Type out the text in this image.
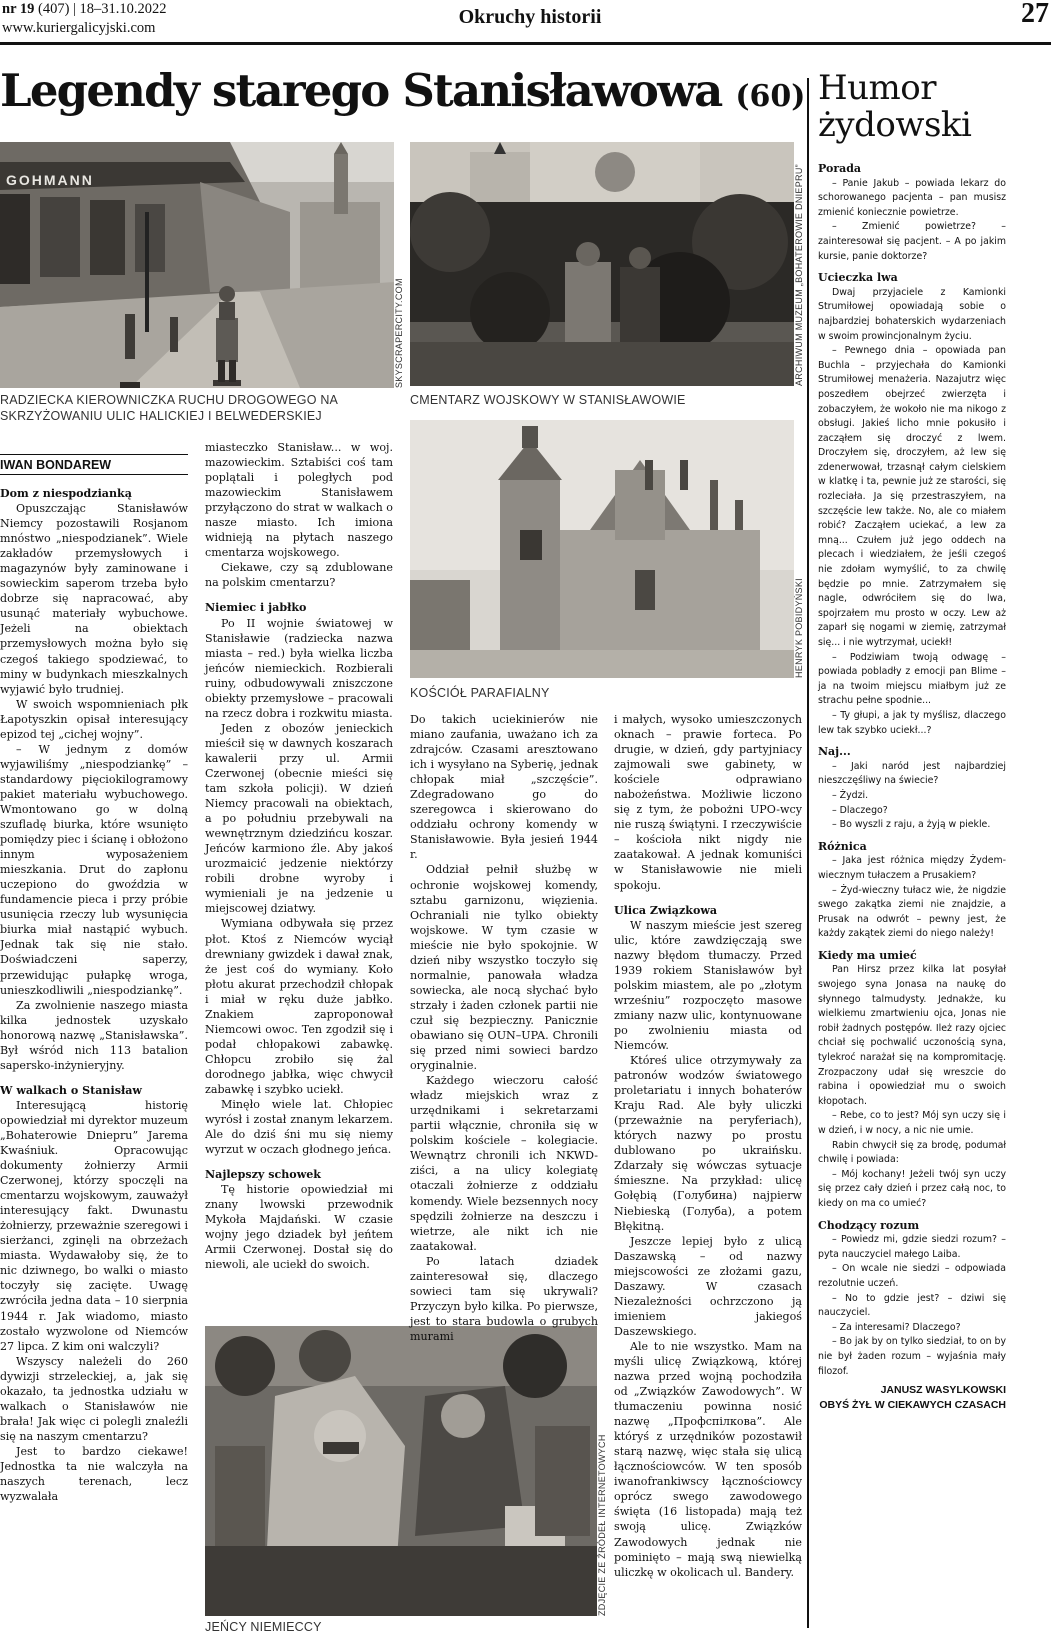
nr 19 (407) | 18–31.10.2022
www.kuriergalicyjski.com	Okruchy historii	27
Legendy starego Stanisławowa (60)
GOHMANN
SKYSCRAPERCITY.COM
RADZIECKA KIEROWNICZKA RUCHU DROGOWEGO NA SKRZYŻOWANIU ULIC HALICKIEJ I BELWEDERSKIEJ
ARCHIWUM MUZEUM „BOHATEROWIE DNIEPRU”
CMENTARZ WOJSKOWY W STANISŁAWOWIE
HENRYK POBIDYŃSKI
KOŚCIÓŁ PARAFIALNY
ZDJĘCIE ZE ŹRÓDEŁ INTERNETOWYCH
JEŃCY NIEMIECCY
IWAN BONDAREW

Dom z niespodzianką

Opuszczając Stanisławów Niemcy pozostawili Rosjanom mnóstwo „niespodzianek”. Wiele zakładów przemysłowych i magazynów były zaminowane i sowieckim saperom trzeba było dobrze się napracować, aby usunąć materiały wybuchowe. Jeżeli na obiektach przemysłowych można było się czegoś takiego spodziewać, to miny w budynkach mieszkalnych wyjawić było trudniej.

W swoich wspomnieniach płk Łapotyszkin opisał interesujący epizod tej „cichej wojny”.

– W jednym z domów wyjawiliśmy „niespodziankę” – standardowy pięciokilogramowy pakiet materiału wybuchowego. Wmontowano go w dolną szufladę biurka, które wsunięto pomiędzy piec i ścianę i obłożono innym wyposażeniem mieszkania. Drut do zapłonu uczepiono do gwoździa w fundamencie pieca i przy próbie usunięcia rzeczy lub wysunięcia biurka miał nastąpić wybuch. Jednak tak się nie stało. Doświadczeni saperzy, przewidując pułapkę wroga, unieszkodliwili „niespodziankę”.

Za zwolnienie naszego miasta kilka jednostek uzyskało honorową nazwę „Stanisławska”. Był wśród nich 113 batalion sapersko-inżynieryjny.

W walkach o Stanisław

Interesującą historię opowiedział mi dyrektor muzeum „Bohaterowie Dniepru” Jarema Kwaśniuk. Opracowując dokumenty żołnierzy Armii Czerwonej, którzy spoczęli na cmentarzu wojskowym, zauważył interesujący fakt. Dwunastu żołnierzy, przeważnie szeregowi i sierżanci, zginęli na obrzeżach miasta. Wydawałoby się, że to nic dziwnego, bo walki o miasto toczyły się zacięte. Uwagę zwróciła jedna data – 10 sierpnia 1944 r. Jak wiadomo, miasto zostało wyzwolone od Niemców 27 lipca. Z kim oni walczyli?

Wszyscy należeli do 260 dywizji strzeleckiej, a, jak się okazało, ta jednostka udziału w walkach o Stanisławów nie brała! Jak więc ci polegli znaleźli się na naszym cmentarzu?

Jest to bardzo ciekawe! Jednostka ta nie walczyła na naszych terenach, lecz wyzwalała

miasteczko Stanisław... w woj. mazowieckim. Sztabiści coś tam poplątali i poległych pod mazowieckim Stanisławem przyłączono do strat w walkach o nasze miasto. Ich imiona widnieją na płytach naszego cmentarza wojskowego.

Ciekawe, czy są zdublowane na polskim cmentarzu?

Niemiec i jabłko

Po II wojnie światowej w Stanisławie (radziecka nazwa miasta – red.) była wielka liczba jeńców niemieckich. Rozbierali ruiny, odbudowywali zniszczone obiekty przemysłowe – pracowali na rzecz dobra i rozkwitu miasta.

Jeden z obozów jenieckich mieścił się w dawnych koszarach kawalerii przy ul. Armii Czerwonej (obecnie mieści się tam szkoła policji). W dzień Niemcy pracowali na obiektach, a po południu przebywali na wewnętrznym dziedzińcu koszar. Jeńców karmiono źle. Aby jakoś urozmaicić jedzenie niektórzy robili drobne wyroby i wymieniali je na jedzenie u miejscowej dziatwy.

Wymiana odbywała się przez płot. Ktoś z Niemców wyciął drewniany gwizdek i dawał znak, że jest coś do wymiany. Koło płotu akurat przechodził chłopak i miał w ręku duże jabłko. Znakiem zaproponował Niemcowi owoc. Ten zgodził się i podał chłopakowi zabawkę. Chłopcu zrobiło się żal dorodnego jabłka, więc chwycił zabawkę i szybko uciekł.

Minęło wiele lat. Chłopiec wyrósł i został znanym lekarzem. Ale do dziś śni mu się niemy wyrzut w oczach głodnego jeńca.

Najlepszy schowek

Tę historie opowiedział mi znany lwowski przewodnik Mykoła Majdański. W czasie wojny jego dziadek był jeńtem Armii Czerwonej. Dostał się do niewoli, ale uciekł do swoich.

Do takich uciekinierów nie miano zaufania, uważano ich za zdrajców. Czasami aresztowano ich i wysyłano na Syberię, jednak chłopak miał „szczęście”. Zdegradowano go do szeregowca i skierowano do oddziału ochrony komendy w Stanisławowie. Była jesień 1944 r.

Oddział pełnił służbę w ochronie wojskowej komendy, sztabu garnizonu, więzienia. Ochraniali nie tylko obiekty wojskowe. W tym czasie w mieście nie było spokojnie. W dzień niby wszystko toczyło się normalnie, panowała władza sowiecka, ale nocą słychać było strzały i żaden członek partii nie czuł się bezpieczny. Panicznie obawiano się OUN–UPA. Chronili się przed nimi sowieci bardzo oryginalnie.

Każdego wieczoru całość władz miejskich wraz z urzędnikami i sekretarzami partii włącznie, chroniła się w polskim kościele – kolegiacie. Wewnątrz chronili ich NKWD-ziści, a na ulicy kolegiatę otaczali żołnierze z oddziału komendy. Wiele bezsennych nocy spędzili żołnierze na deszczu i wietrze, ale nikt ich nie zaatakował.

Po latach dziadek zainteresował się, dlaczego sowieci tam się ukrywali? Przyczyn było kilka. Po pierwsze, jest to stara budowla o grubych murami

i małych, wysoko umieszczonych oknach – prawie forteca. Po drugie, w dzień, gdy partyjniacy zajmowali swe gabinety, w kościele odprawiano nabożeństwa. Możliwie liczono się z tym, że pobożni UPO-wcy nie ruszą świątyni. I rzeczywiście – kościoła nikt nigdy nie zaatakował. A jednak komuniści w Stanisławowie nie mieli spokoju.

Ulica Związkowa

W naszym mieście jest szereg ulic, które zawdzięczają swe nazwy błędom tłumaczy. Przed 1939 rokiem Stanisławów był polskim miastem, ale po „złotym wrześniu” rozpoczęto masowe zmiany nazw ulic, kontynuowane po zwolnieniu miasta od Niemców.

Któreś ulice otrzymywały za patronów wodzów światowego proletariatu i innych bohaterów Kraju Rad. Ale były uliczki (przeważnie na peryferiach), których nazwy po prostu dublowano po ukraińsku. Zdarzały się wówczas sytuacje śmieszne. Na przykład: ulicę Gołębią (Голубина) najpierw Niebieską (Голуба), a potem Błękitną.

Jeszcze lepiej było z ulicą Daszawską – od nazwy miejscowości ze złożami gazu, Daszawy. W czasach Niezależności ochrzczono ją imieniem jakiegoś Daszewskiego.

Ale to nie wszystko. Mam na myśli ulicę Związkową, której nazwa przed wojną pochodziła od „Związków Zawodowych”. W tłumaczeniu powinna nosić nazwę „Профспілкова”. Ale któryś z urzędników pozostawił starą nazwę, więc stała się ulicą łącznościowców. W ten sposób iwanofrankiwscy łącznościowcy oprócz swego zawodowego święta (16 listopada) mają też swoją ulicę. Związków Zawodowych jednak nie pominięto – mają swą niewielką uliczkę w okolicach ul. Bandery.

Humor żydowski

Porada

– Panie Jakub – powiada lekarz do schorowanego pacjenta – pan musisz zmienić koniecznie powietrze.

– Zmienić powietrze? – zainteresował się pacjent. – A po jakim kursie, panie doktorze?

Ucieczka lwa

Dwaj przyjaciele z Kamionki Strumiłowej opowiadają sobie o najbardziej bohaterskich wydarzeniach w swoim prowincjonalnym życiu.

– Pewnego dnia – opowiada pan Buchla – przyjechała do Kamionki Strumiłowej menażeria. Nazajutrz więc poszedłem obejrzeć zwierzęta i zobaczyłem, że wokoło nie ma nikogo z obsługi. Jakieś licho mnie pokusiło i zacząłem się droczyć z lwem. Droczyłem się, droczyłem, aż lew się zdenerwował, trzasnął całym cielskiem w klatkę i ta, pewnie już ze starości, się rozleciała. Ja się przestraszyłem, na szczęście lew także. No, ale co miałem robić? Zacząłem uciekać, a lew za mną... Czułem już jego oddech na plecach i wiedziałem, że jeśli czegoś nie zdołam wymyślić, to za chwilę będzie po mnie. Zatrzymałem się nagle, odwróciłem się do lwa, spojrzałem mu prosto w oczy. Lew aż zaparł się nogami w ziemię, zatrzymał się... i nie wytrzymał, uciekł!

– Podziwiam twoją odwagę – powiada pobladły z emocji pan Blime – ja na twoim miejscu miałbym już ze strachu pełne spodnie...

– Ty głupi, a jak ty myślisz, dlaczego lew tak szybko uciekł...?

Naj...

– Jaki naród jest najbardziej nieszczęśliwy na świecie?

– Żydzi.

– Dlaczego?

– Bo wyszli z raju, a żyją w piekle.

Różnica

– Jaka jest różnica między Żydem-wiecznym tułaczem a Prusakiem?

– Żyd-wieczny tułacz wie, że nigdzie swego zakątka ziemi nie znajdzie, a Prusak na odwrót – pewny jest, że każdy zakątek ziemi do niego należy!

Kiedy ma umieć

Pan Hirsz przez kilka lat posyłał swojego syna Jonasa na naukę do słynnego talmudysty. Jednakże, ku wielkiemu zmartwieniu ojca, Jonas nie robił żadnych postępów. Ileż razy ojciec chciał się pochwalić uczonością syna, tylekroć narażał się na kompromitację. Zrozpaczony udał się wreszcie do rabina i opowiedział mu o swoich kłopotach.

– Rebe, co to jest? Mój syn uczy się i w dzień, i w nocy, a nic nie umie.

Rabin chwycił się za brodę, podumał chwilę i powiada:

– Mój kochany! Jeżeli twój syn uczy się przez cały dzień i przez całą noc, to kiedy on ma co umieć?

Chodzący rozum

– Powiedz mi, gdzie siedzi rozum? – pyta nauczyciel małego Laiba.

– On wcale nie siedzi – odpowiada rezolutnie uczeń.

– No to gdzie jest? – dziwi się nauczyciel.

– Za interesami? Dlaczego?

– Bo jak by on tylko siedział, to on by nie był żaden rozum – wyjaśnia mały filozof.

JANUSZ WASYLKOWSKI

OBYŚ ŻYŁ W CIEKAWYCH CZASACH
